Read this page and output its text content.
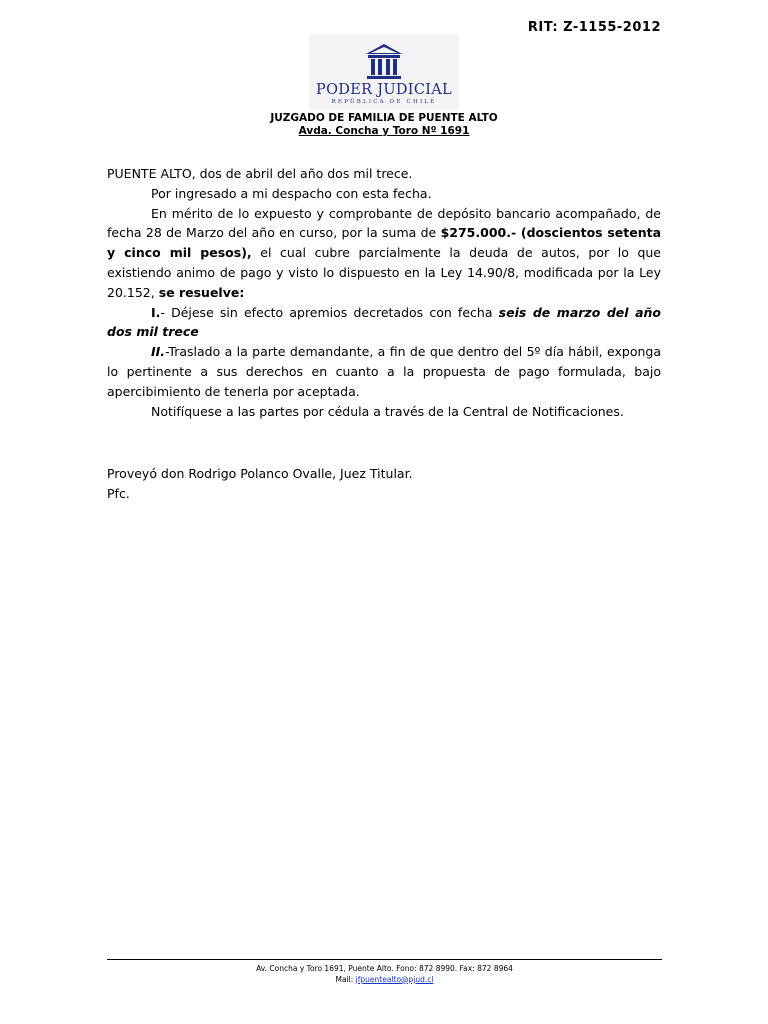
RIT: Z-1155-2012
PODER JUDICIAL
REPÚBLICA DE CHILE
JUZGADO DE FAMILIA DE PUENTE ALTO
Avda. Concha y Toro Nº 1691

PUENTE ALTO, dos de abril del año dos mil trece.

Por ingresado a mi despacho con esta fecha.

En mérito de lo expuesto y comprobante de depósito bancario acompañado, de fecha 28 de Marzo del año en curso, por la suma de $275.000.- (doscientos setenta y cinco mil pesos), el cual cubre parcialmente la deuda de autos, por lo que existiendo animo de pago y visto lo dispuesto en la Ley 14.90/8, modificada por la Ley 20.152, se resuelve:

I.- Déjese sin efecto apremios decretados con fecha seis de marzo del año dos mil trece

II.-Traslado a la parte demandante, a fin de que dentro del 5º día hábil, exponga lo pertinente a sus derechos en cuanto a la propuesta de pago formulada, bajo apercibimiento de tenerla por aceptada.

Notifíquese a las partes por cédula a través de la Central de Notificaciones.

Proveyó don Rodrigo Polanco Ovalle, Juez Titular.

Pfc.

Av. Concha y Toro 1691, Puente Alto. Fono: 872 8990. Fax: 872 8964
Mail: jfpuentealto@pjud.cl
